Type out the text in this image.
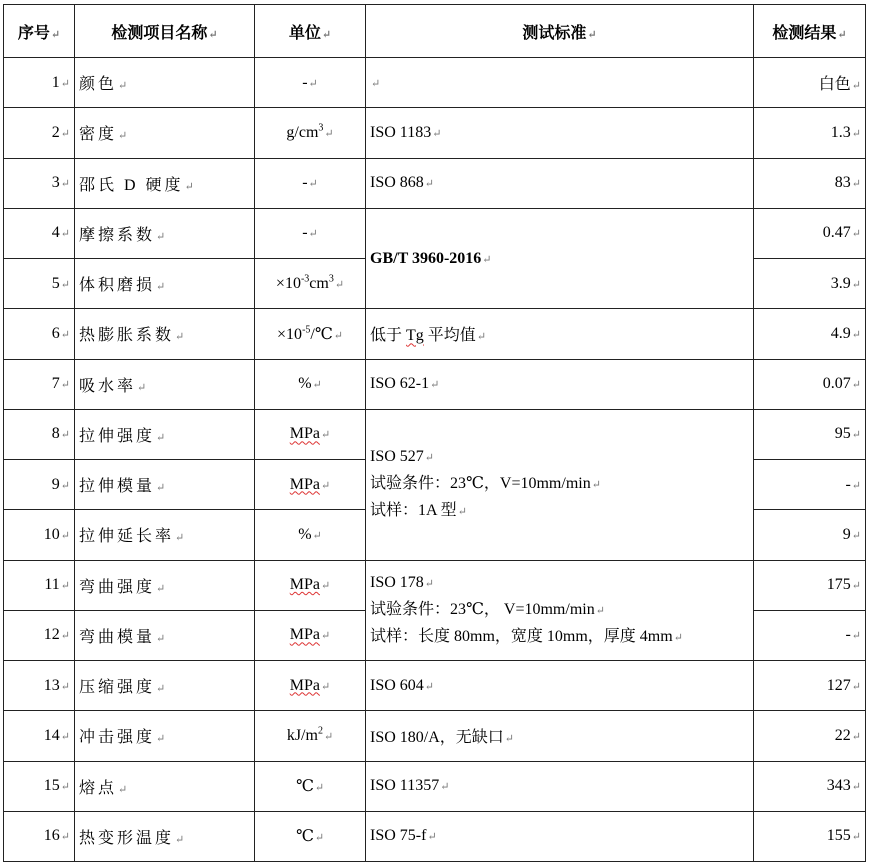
序号↵	检测项目名称↵	单位↵	测试标准↵	检测结果↵
1↵	颜色↵	-↵	↵	白色↵
2↵	密度↵	$g/cm^3↵$	ISO 1183↵	1.3↵
3↵	邵氏 D 硬度↵	-↵	ISO 868↵	83↵
4↵	摩擦系数↵	-↵	GB/T 3960-2016↵	0.47↵
5↵	体积磨损↵	$\times 10^{-3}cm^3↵$		3.9↵
6↵	热膨胀系数↵	$\times 10^{-5}/℃↵$	低于 Tg 平均值↵	4.9↵
7↵	吸水率↵	%↵	ISO 62-1↵	0.07↵
8↵	拉伸强度↵	MPa↵	ISO 527↵
试验条件：23℃，V=10mm/min↵
试样：1A 型↵	95↵
9↵	拉伸模量↵	MPa↵		-↵
10↵	拉伸延长率↵	%↵		9↵
11↵	弯曲强度↵	MPa↵	ISO 178↵
试验条件：23℃， V=10mm/min↵
试样：长度 80mm，宽度 10mm，厚度 4mm↵	175↵
12↵	弯曲模量↵	MPa↵		-↵
13↵	压缩强度↵	MPa↵	ISO 604↵	127↵
14↵	冲击强度↵	$kJ/m^2↵$	ISO 180/A，无缺口↵	22↵
15↵	熔点↵	℃↵	ISO 11357↵	343↵
16↵	热变形温度↵	℃↵	ISO 75-f↵	155↵
